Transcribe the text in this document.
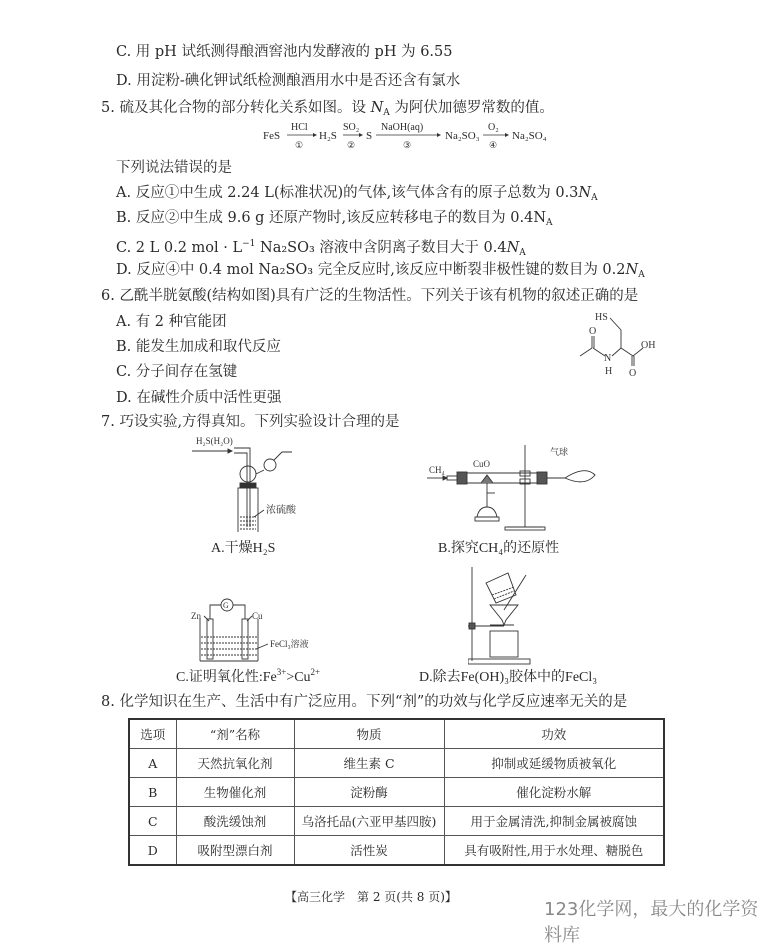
C. 用 pH 试纸测得酿酒窖池内发酵液的 pH 为 6.55
D. 用淀粉-碘化钾试纸检测酿酒用水中是否还含有氯水
5. 硫及其化合物的部分转化关系如图。设 $N_A$ 为阿伏加德罗常数的值。
FeS
HCl
①
H₂S
SO₂
②
S
NaOH(aq)
③
Na₂SO₃
O₂
④
Na₂SO₄
下列说法错误的是
A. 反应①中生成 2.24 L(标准状况)的气体,该气体含有的原子总数为 $0.3N_A$
B. 反应②中生成 9.6 g 还原产物时,该反应转移电子的数目为 $0.4N_A$
C. 2 L 0.2 mol · $L^{-1}$ Na₂SO₃ 溶液中含阴离子数目大于 $0.4N_A$
D. 反应④中 0.4 mol Na₂SO₃ 完全反应时,该反应中断裂非极性键的数目为 $0.2N_A$
6. 乙酰半胱氨酸(结构如图)具有广泛的生物活性。下列关于该有机物的叙述正确的是
A. 有 2 种官能团
B. 能发生加成和取代反应
C. 分子间存在氢键
D. 在碱性介质中活性更强
HS
O
OH
N
H O
7. 巧设实验,方得真知。下列实验设计合理的是
H₂S(H₂O)
浓硫酸
A.干燥H₂S
CH₄
CuO
气球
B.探究CH₄的还原性
G
Zn	Cu
FeCl₃溶液
C.证明氧化性$:Fe^{3+}>Cu^{2+}$	D.除去Fe(OH)₃胶体中的FeCl₃
8. 化学知识在生产、生活中有广泛应用。下列“剂”的功效与化学反应速率无关的是
选项	“剂”名称	物质	功效
A	天然抗氧化剂	维生素 C	抑制或延缓物质被氧化
B	生物催化剂	淀粉酶	催化淀粉水解
C	酸洗缓蚀剂	乌洛托品(六亚甲基四胺)	用于金属清洗,抑制金属被腐蚀
D	吸附型漂白剂	活性炭	具有吸附性,用于水处理、糖脱色
【高三化学　第 2 页(共 8 页)】
123化学网，最大的化学资料库
